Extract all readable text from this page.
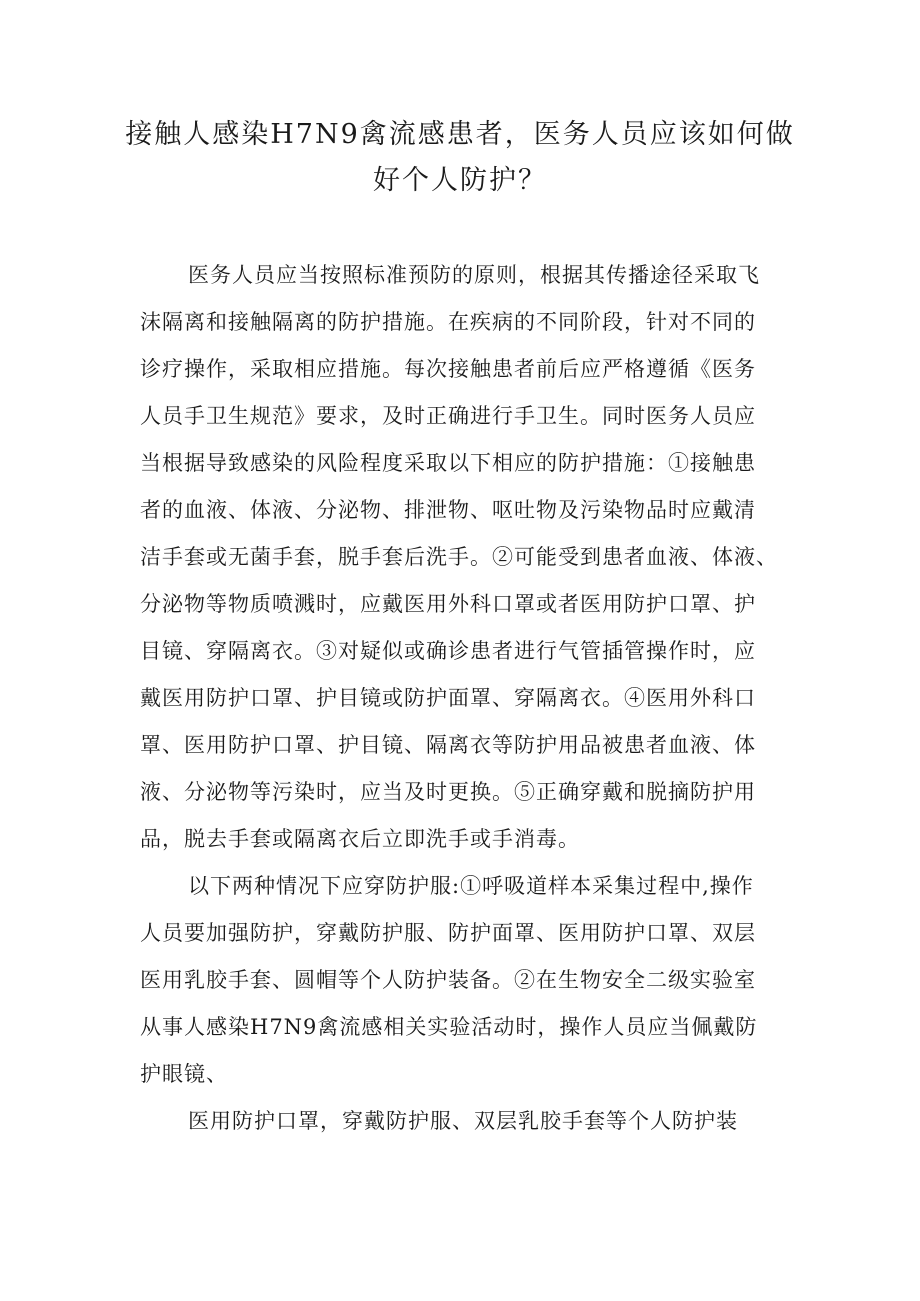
接触人感染H7N9禽流感患者，医务人员应该如何做
好个人防护？
医务人员应当按照标准预防的原则，根据其传播途径采取飞
沫隔离和接触隔离的防护措施。在疾病的不同阶段，针对不同的
诊疗操作，采取相应措施。每次接触患者前后应严格遵循《医务
人员手卫生规范》要求，及时正确进行手卫生。同时医务人员应
当根据导致感染的风险程度采取以下相应的防护措施：①接触患
者的血液、体液、分泌物、排泄物、呕吐物及污染物品时应戴清
洁手套或无菌手套，脱手套后洗手。②可能受到患者血液、体液、
分泌物等物质喷溅时，应戴医用外科口罩或者医用防护口罩、护
目镜、穿隔离衣。③对疑似或确诊患者进行气管插管操作时，应
戴医用防护口罩、护目镜或防护面罩、穿隔离衣。④医用外科口
罩、医用防护口罩、护目镜、隔离衣等防护用品被患者血液、体
液、分泌物等污染时，应当及时更换。⑤正确穿戴和脱摘防护用
品，脱去手套或隔离衣后立即洗手或手消毒。
以下两种情况下应穿防护服:①呼吸道样本采集过程中,操作
人员要加强防护，穿戴防护服、防护面罩、医用防护口罩、双层
医用乳胶手套、圆帽等个人防护装备。②在生物安全二级实验室
从事人感染H7N9禽流感相关实验活动时，操作人员应当佩戴防
护眼镜、
医用防护口罩，穿戴防护服、双层乳胶手套等个人防护装
